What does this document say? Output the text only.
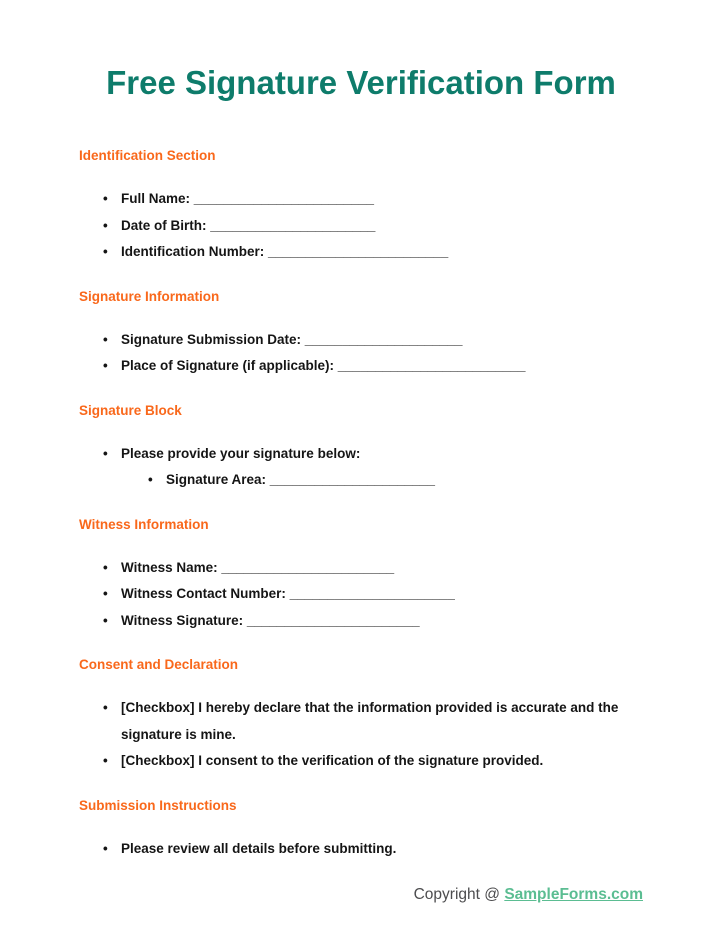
Free Signature Verification Form
Identification Section
• Full Name: ________________________
• Date of Birth: ______________________
• Identification Number: ________________________
Signature Information
• Signature Submission Date: _____________________
• Place of Signature (if applicable): _________________________
Signature Block
• Please provide your signature below:
• Signature Area: ______________________
Witness Information
• Witness Name: _______________________
• Witness Contact Number: ______________________
• Witness Signature: _______________________
Consent and Declaration
• [Checkbox] I hereby declare that the information provided is accurate and the signature is mine.
• [Checkbox] I consent to the verification of the signature provided.
Submission Instructions
• Please review all details before submitting.
Copyright @ SampleForms.com
